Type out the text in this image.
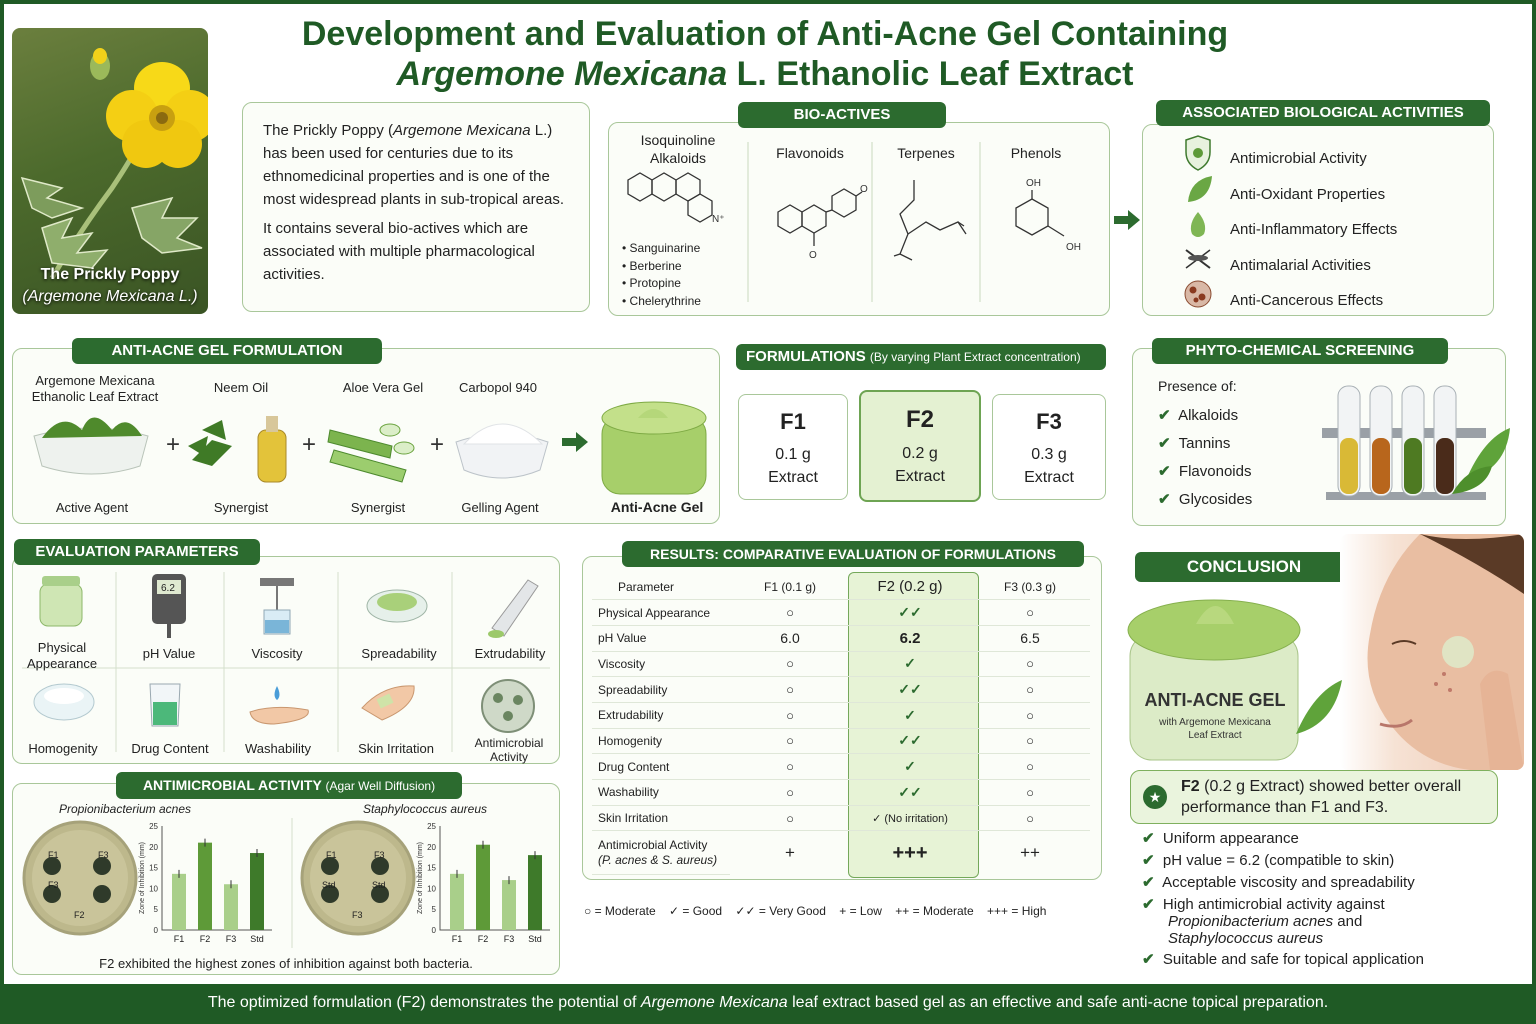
Development and Evaluation of Anti-Acne Gel Containing
Argemone Mexicana L. Ethanolic Leaf Extract
The Prickly Poppy
(Argemone Mexicana L.)
The Prickly Poppy (Argemone Mexicana L.) has been used for centuries due to its ethnomedicinal properties and is one of the most widespread plants in sub-tropical areas.
It contains several bio-actives which are associated with multiple pharmacological activities.
BIO-ACTIVES
Isoquinoline Alkaloids	Flavonoids	Terpenes	Phenols
N⁺
O
O
OH
OH
• Sanguinarine
• Berberine
• Protopine
• Chelerythrine
ASSOCIATED BIOLOGICAL ACTIVITIES
Antimicrobial Activity
Anti-Oxidant Properties
Anti-Inflammatory Effects
Antimalarial Activities
Anti-Cancerous Effects
ANTI-ACNE GEL FORMULATION
Argemone Mexicana Ethanolic Leaf Extract
Neem Oil	Aloe Vera Gel	Carbopol 940
+	+	+
Active Agent	Synergist	Synergist	Gelling Agent	Anti-Acne Gel
FORMULATIONS (By varying Plant Extract concentration)
F1
0.1 g
Extract
F2
0.2 g
Extract
F3
0.3 g
Extract
PHYTO-CHEMICAL SCREENING
Presence of:
✔ Alkaloids
✔ Tannins
✔ Flavonoids
✔ Glycosides
EVALUATION PARAMETERS
6.2
Physical Appearance
pH Value	Viscosity	Spreadability	Extrudability
Homogenity	Drug Content	Washability	Skin Irritation	Antimicrobial Activity
ANTIMICROBIAL ACTIVITY (Agar Well Diffusion)
Propionibacterium acnes	Staphylococcus aureus
F1	F3
F3
F2
F1	F3
Std	Std
F3
0
5
10
15
20
25
Zone of Inhibition (mm)
F1 F2 F3 Std
0
5
10
15
20
25
Zone of Inhibition (mm)
F1 F2 F3 Std
F2 exhibited the highest zones of inhibition against both bacteria.
RESULTS: COMPARATIVE EVALUATION OF FORMULATIONS
Parameter	F1 (0.1 g)	F2 (0.2 g)	F3 (0.3 g)
Physical Appearance	○	✓✓	○
pH Value	6.0	6.2	6.5
Viscosity	○	✓	○
Spreadability	○	✓✓	○
Extrudability	○	✓	○
Homogenity	○	✓✓	○
Drug Content	○	✓	○
Washability	○	✓✓	○
Skin Irritation	○	✓ (No irritation)	○

Antimicrobial Activity
(P. acnes & S. aureus)	+	+++	++
○ = Moderate ✓ = Good ✓✓ = Very Good + = Low ++ = Moderate +++ = High
CONCLUSION
ANTI-ACNE GEL
with Argemone Mexicana
Leaf Extract
★
F2 (0.2 g Extract) showed better overall
performance than F1 and F3.
✔ Uniform appearance
✔ pH value = 6.2 (compatible to skin)
✔ Acceptable viscosity and spreadability
✔ High antimicrobial activity against
Propionibacterium acnes and
Staphylococcus aureus
✔ Suitable and safe for topical application
The optimized formulation (F2) demonstrates the potential of Argemone Mexicana leaf extract based gel as an effective and safe anti-acne topical preparation.
